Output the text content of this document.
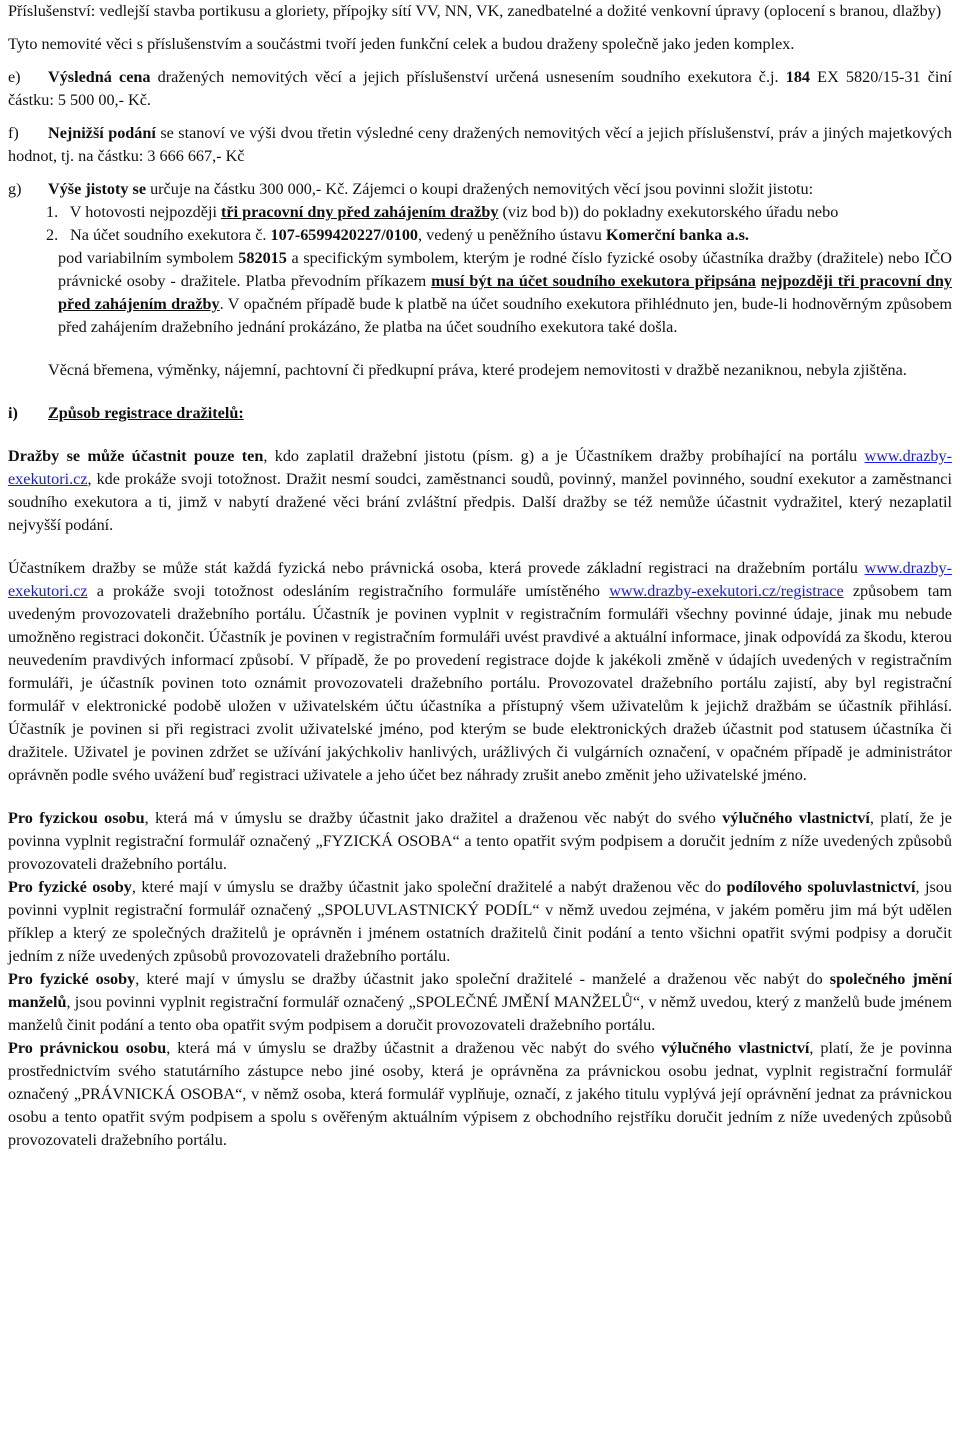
Příslušenství: vedlejší stavba portikusu a gloriety, přípojky sítí VV, NN, VK, zanedbatelné a dožité venkovní úpravy (oplocení s branou, dlažby)

Tyto nemovité věci s příslušenstvím a součástmi tvoří jeden funkční celek a budou draženy společně jako jeden komplex.

e) Výsledná cena dražených nemovitých věcí a jejich příslušenství určená usnesením soudního exekutora č.j. 184 EX 5820/15-31 činí částku: 5 500 00,- Kč.

f) Nejnižší podání se stanoví ve výši dvou třetin výsledné ceny dražených nemovitých věcí a jejich příslušenství, práv a jiných majetkových hodnot, tj. na částku: 3 666 667,- Kč

g) Výše jistoty se určuje na částku 300 000,- Kč. Zájemci o koupi dražených nemovitých věcí jsou povinni složit jistotu:

1. V hotovosti nejpozději tři pracovní dny před zahájením dražby (viz bod b)) do pokladny exekutorského úřadu nebo

2. Na účet soudního exekutora č. 107-6599420227/0100, vedený u peněžního ústavu Komerční banka a.s.

pod variabilním symbolem 582015 a specifickým symbolem, kterým je rodné číslo fyzické osoby účastníka dražby (dražitele) nebo IČO právnické osoby - dražitele. Platba převodním příkazem musí být na účet soudního exekutora připsána nejpozději tři pracovní dny před zahájením dražby. V opačném případě bude k platbě na účet soudního exekutora přihlédnuto jen, bude-li hodnověrným způsobem před zahájením dražebního jednání prokázáno, že platba na účet soudního exekutora také došla.

Věcná břemena, výměnky, nájemní, pachtovní či předkupní práva, které prodejem nemovitosti v dražbě nezaniknou, nebyla zjištěna.

i) Způsob registrace dražitelů:

Dražby se může účastnit pouze ten, kdo zaplatil dražební jistotu (písm. g) a je Účastníkem dražby probíhající na portálu www.drazby-exekutori.cz, kde prokáže svoji totožnost. Dražit nesmí soudci, zaměstnanci soudů, povinný, manžel povinného, soudní exekutor a zaměstnanci soudního exekutora a ti, jimž v nabytí dražené věci brání zvláštní předpis. Další dražby se též nemůže účastnit vydražitel, který nezaplatil nejvyšší podání.

Účastníkem dražby se může stát každá fyzická nebo právnická osoba, která provede základní registraci na dražebním portálu www.drazby-exekutori.cz a prokáže svoji totožnost odesláním registračního formuláře umístěného www.drazby-exekutori.cz/registrace způsobem tam uvedeným provozovateli dražebního portálu. Účastník je povinen vyplnit v registračním formuláři všechny povinné údaje, jinak mu nebude umožněno registraci dokončit. Účastník je povinen v registračním formuláři uvést pravdivé a aktuální informace, jinak odpovídá za škodu, kterou neuvedením pravdivých informací způsobí. V případě, že po provedení registrace dojde k jakékoli změně v údajích uvedených v registračním formuláři, je účastník povinen toto oznámit provozovateli dražebního portálu. Provozovatel dražebního portálu zajistí, aby byl registrační formulář v elektronické podobě uložen v uživatelském účtu účastníka a přístupný všem uživatelům k jejichž dražbám se účastník přihlásí. Účastník je povinen si při registraci zvolit uživatelské jméno, pod kterým se bude elektronických dražeb účastnit pod statusem účastníka či dražitele. Uživatel je povinen zdržet se užívání jakýchkoliv hanlivých, urážlivých či vulgárních označení, v opačném případě je administrátor oprávněn podle svého uvážení buď registraci uživatele a jeho účet bez náhrady zrušit anebo změnit jeho uživatelské jméno.

Pro fyzickou osobu, která má v úmyslu se dražby účastnit jako dražitel a draženou věc nabýt do svého výlučného vlastnictví, platí, že je povinna vyplnit registrační formulář označený „FYZICKÁ OSOBA“ a tento opatřit svým podpisem a doručit jedním z níže uvedených způsobů provozovateli dražebního portálu.

Pro fyzické osoby, které mají v úmyslu se dražby účastnit jako společní dražitelé a nabýt draženou věc do podílového spoluvlastnictví, jsou povinni vyplnit registrační formulář označený „SPOLUVLASTNICKÝ PODÍL“ v němž uvedou zejména, v jakém poměru jim má být udělen příklep a který ze společných dražitelů je oprávněn i jménem ostatních dražitelů činit podání a tento všichni opatřit svými podpisy a doručit jedním z níže uvedených způsobů provozovateli dražebního portálu.

Pro fyzické osoby, které mají v úmyslu se dražby účastnit jako společní dražitelé - manželé a draženou věc nabýt do společného jmění manželů, jsou povinni vyplnit registrační formulář označený „SPOLEČNÉ JMĚNÍ MANŽELŮ“, v němž uvedou, který z manželů bude jménem manželů činit podání a tento oba opatřit svým podpisem a doručit provozovateli dražebního portálu.

Pro právnickou osobu, která má v úmyslu se dražby účastnit a draženou věc nabýt do svého výlučného vlastnictví, platí, že je povinna prostřednictvím svého statutárního zástupce nebo jiné osoby, která je oprávněna za právnickou osobu jednat, vyplnit registrační formulář označený „PRÁVNICKÁ OSOBA“, v němž osoba, která formulář vyplňuje, označí, z jakého titulu vyplývá její oprávnění jednat za právnickou osobu a tento opatřit svým podpisem a spolu s ověřeným aktuálním výpisem z obchodního rejstříku doručit jedním z níže uvedených způsobů provozovateli dražebního portálu.
